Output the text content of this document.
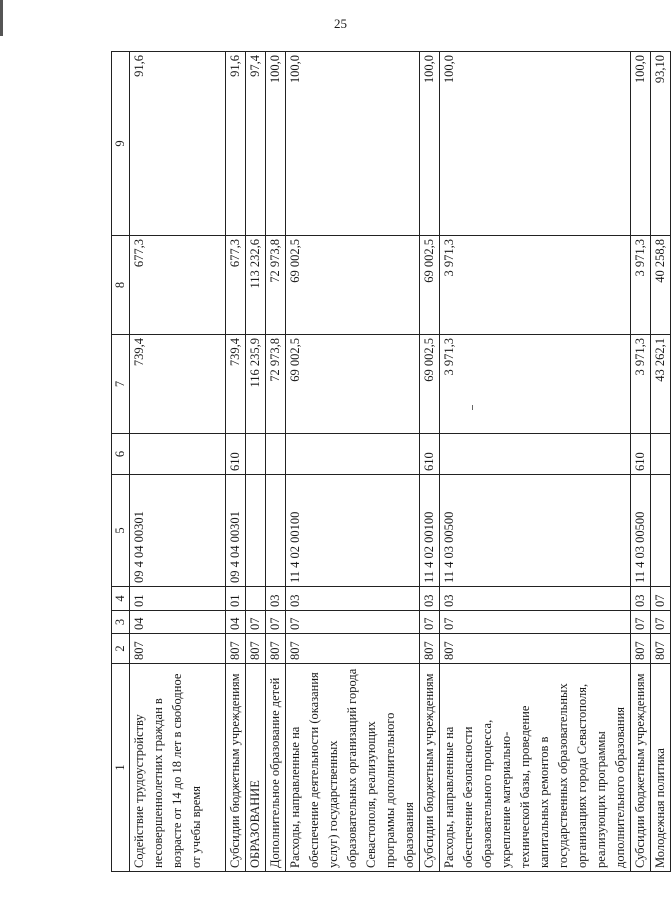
25
1	2	3	4	5	6	7	8	9
Содействие трудоустройству несовершеннолетних граждан в возрасте от 14 до 18 лет в свободное от учебы время	807	04	01	09 4 04 00301		739,4	677,3	91,6
Субсидии бюджетным учреждениям	807	04	01	09 4 04 00301	610	739,4	677,3	91,6
ОБРАЗОВАНИЕ	807	07				116 235,9	113 232,6	97,4
Дополнительное образование детей	807	07	03			72 973,8	72 973,8	100,0
Расходы, направленные на обеспечение деятельности (оказания услуг) государственных образовательных организаций города Севастополя, реализующих программы дополнительного образования	807	07	03	11 4 02 00100		69 002,5	69 002,5	100,0
Субсидии бюджетным учреждениям	807	07	03	11 4 02 00100	610	69 002,5	69 002,5	100,0
Расходы, направленные на обеспечение безопасности образовательного процесса, укрепление материально-технической базы, проведение капитальных ремонтов в государственных образовательных организациях города Севастополя, реализующих программы дополнительного образования	807	07	03	11 4 03 00500		3 971,3	3 971,3	100,0
Субсидии бюджетным учреждениям	807	07	03	11 4 03 00500	610	3 971,3	3 971,3	100,0
Молодежная политика	807	07	07			43 262,1	40 258,8	93,10
